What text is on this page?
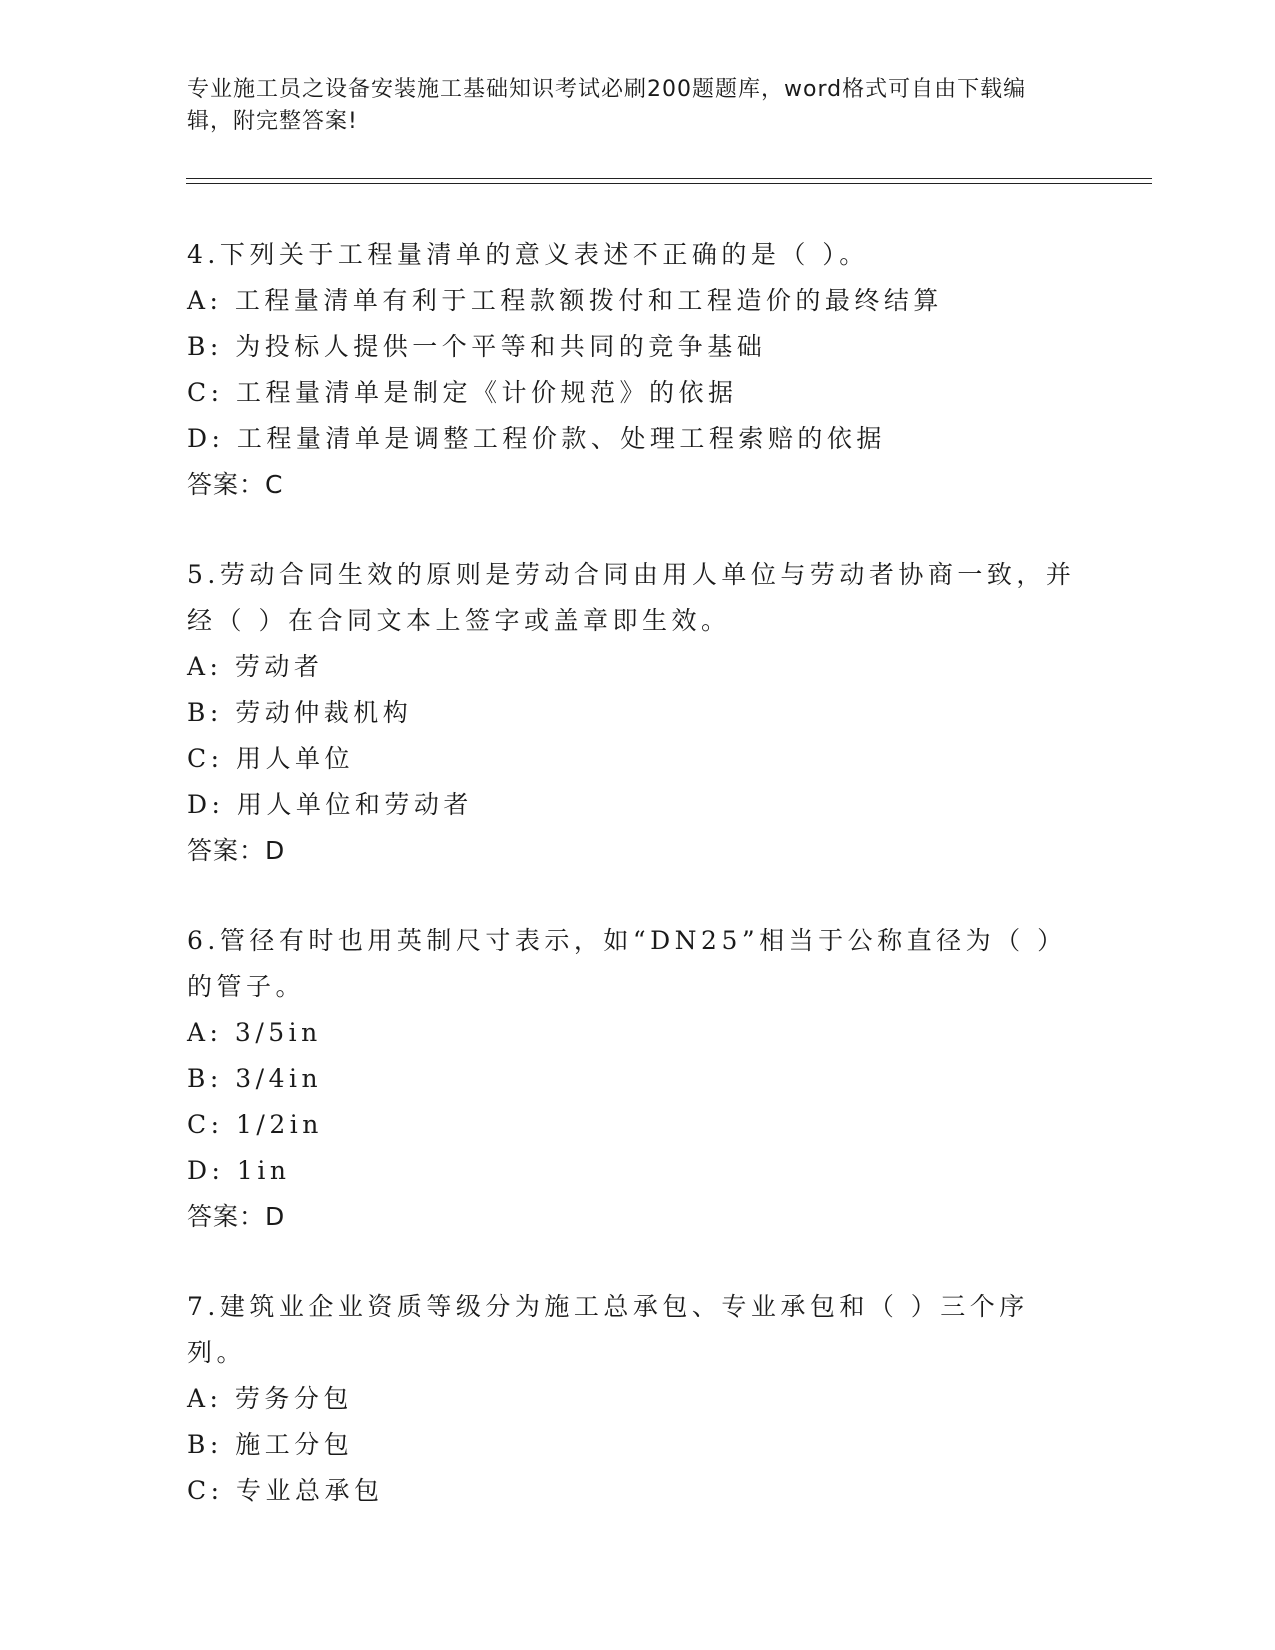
专业施工员之设备安装施工基础知识考试必刷200题题库，word格式可自由下载编辑，附完整答案!
4.下列关于工程量清单的意义表述不正确的是（ ）。
A: 工程量清单有利于工程款额拨付和工程造价的最终结算
B: 为投标人提供一个平等和共同的竞争基础
C: 工程量清单是制定《计价规范》的依据
D: 工程量清单是调整工程价款、处理工程索赔的依据
答案：C
5.劳动合同生效的原则是劳动合同由用人单位与劳动者协商一致，并经（ ）在合同文本上签字或盖章即生效。
A: 劳动者
B: 劳动仲裁机构
C: 用人单位
D: 用人单位和劳动者
答案：D
6.管径有时也用英制尺寸表示，如“DN25”相当于公称直径为（ ）的管子。
A: 3/5in
B: 3/4in
C: 1/2in
D: 1in
答案：D
7.建筑业企业资质等级分为施工总承包、专业承包和（ ）三个序列。
A: 劳务分包
B: 施工分包
C: 专业总承包
